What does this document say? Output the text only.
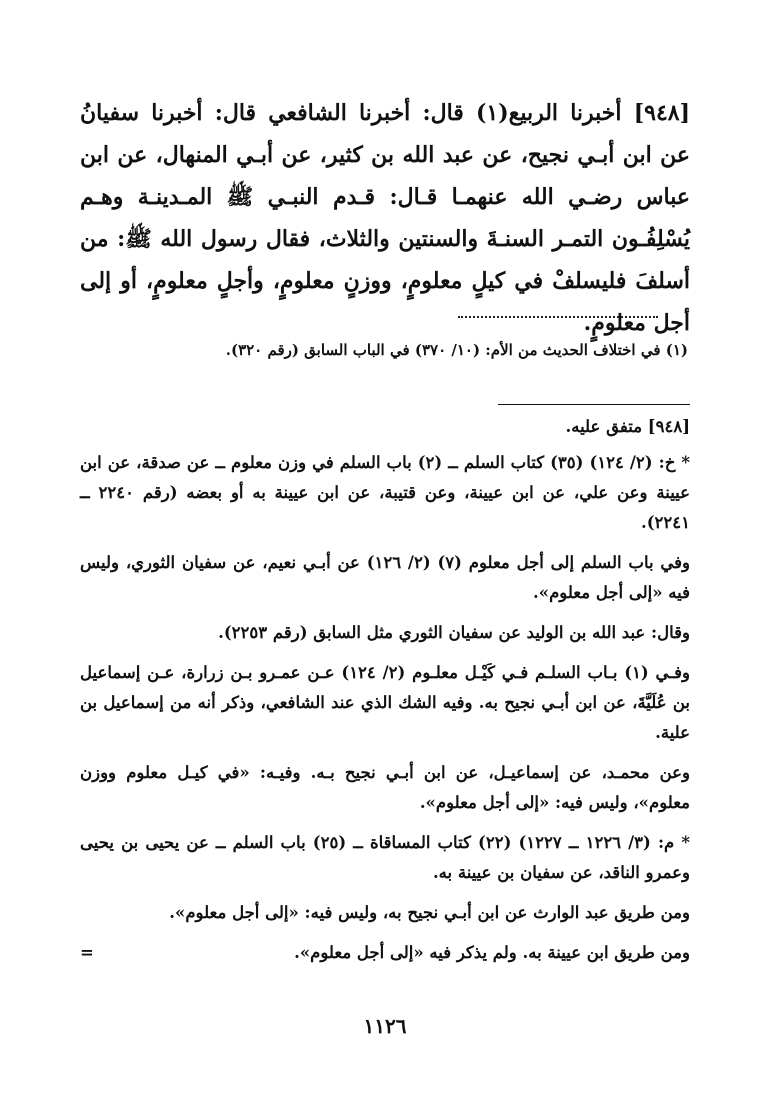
[٩٤٨] أخبرنا الربيع(١) قال: أخبرنا الشافعي قال: أخبرنا سفيانُ عن ابن أبـي نجيح، عن عبد الله بن كثير، عن أبـي المنهال، عن ابن عباس رضـي الله عنهمـا قـال: قـدم النبـي ﷺ المـدينـة وهـم يُسْلِفُـون التمـر السنـةَ والسنتين والثلاث، فقال رسول الله ﷺ: من أسلفَ فليسلفْ في كيلٍ معلومٍ، ووزنٍ معلومٍ، وأجلٍ معلومٍ، أو إلى أجل معلومٍ.
(١) في اختلاف الحديث من الأم: (١٠/ ٣٧٠) في الباب السابق (رقم ٣٢٠).

[٩٤٨] متفق عليه.

* خ: (٢/ ١٢٤) (٣٥) كتاب السلم ــ (٢) باب السلم في وزن معلوم ــ عن صدقة، عن ابن عيينة وعن علي، عن ابن عيينة، وعن قتيبة، عن ابن عيينة به أو بعضه (رقم ٢٢٤٠ ــ ٢٢٤١).

وفي باب السلم إلى أجل معلوم (٧) (٢/ ١٢٦) عن أبـي نعيم، عن سفيان الثوري، وليس فيه «إلى أجل معلوم».

وقال: عبد الله بن الوليد عن سفيان الثوري مثل السابق (رقم ٢٢٥٣).

وفـي (١) بـاب السلـم فـي كَيْـل معلـوم (٢/ ١٢٤) عـن عمـرو بـن زرارة، عـن إسماعيل بن عُلَيَّةَ، عن ابن أبـي نجيح به. وفيه الشك الذي عند الشافعي، وذكر أنه من إسماعيل بن علية.

وعن محمـد، عن إسماعيـل، عن ابن أبـي نجيح بـه. وفيـه: «في كيـل معلوم ووزن معلوم»، وليس فيه: «إلى أجل معلوم».

* م: (٣/ ١٢٢٦ ــ ١٢٢٧) (٢٢) كتاب المساقاة ــ (٢٥) باب السلم ــ عن يحيى بن يحيى وعمرو الناقد، عن سفيان بن عيينة به.

ومن طريق عبد الوارث عن ابن أبـي نجيح به، وليس فيه: «إلى أجل معلوم».

ومن طريق ابن عيينة به. ولم يذكر فيه «إلى أجل معلوم».
=

١١٢٦
